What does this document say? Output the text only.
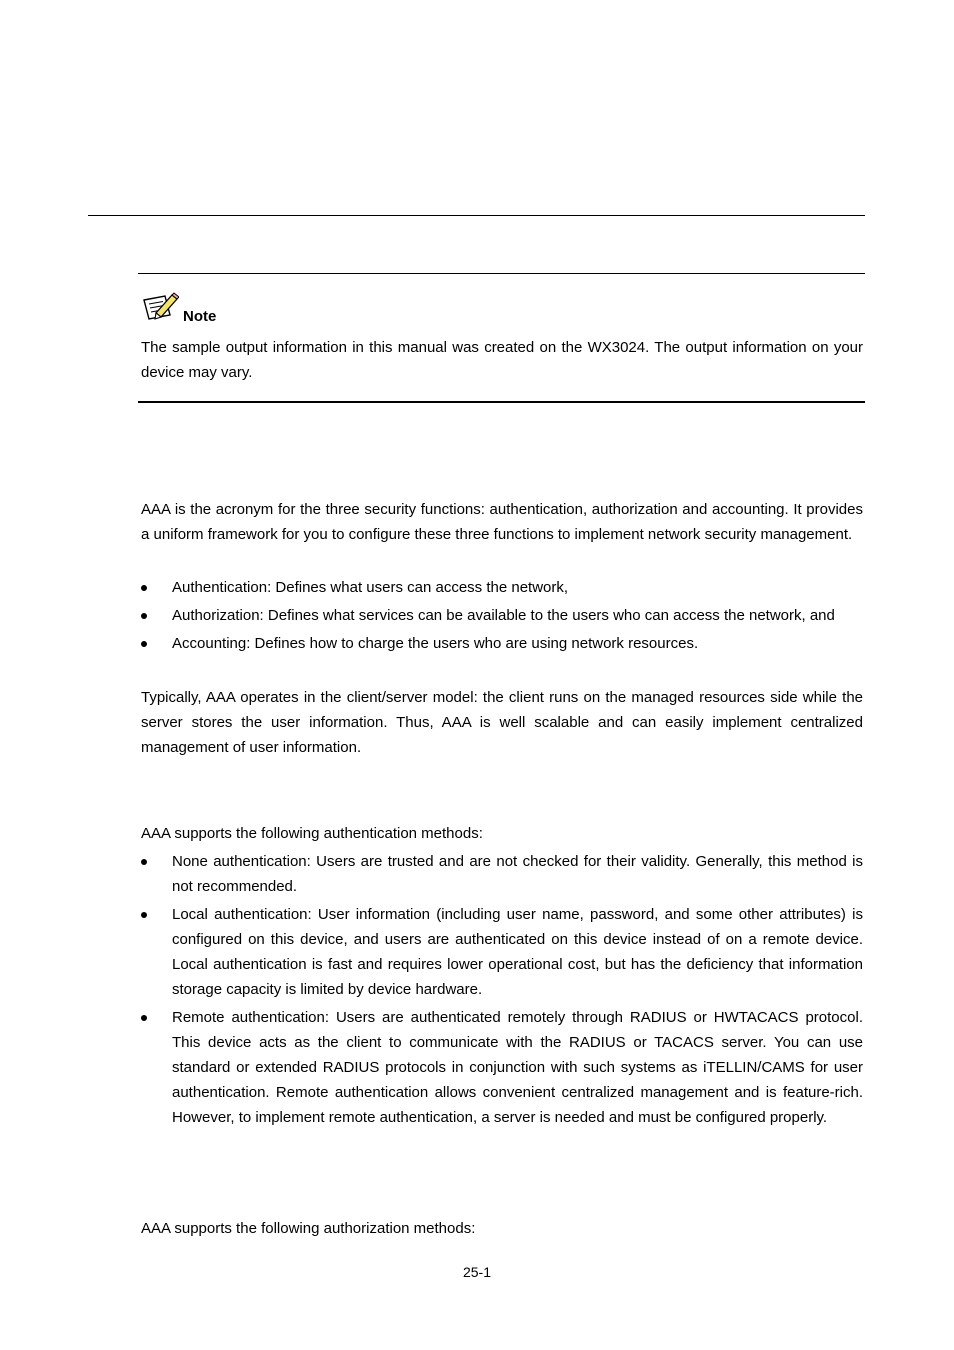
Note

The sample output information in this manual was created on the WX3024. The output information on your device may vary.

AAA is the acronym for the three security functions: authentication, authorization and accounting. It provides a uniform framework for you to configure these three functions to implement network security management.

Authentication: Defines what users can access the network,
Authorization: Defines what services can be available to the users who can access the network, and
Accounting: Defines how to charge the users who are using network resources.

Typically, AAA operates in the client/server model: the client runs on the managed resources side while the server stores the user information. Thus, AAA is well scalable and can easily implement centralized management of user information.

AAA supports the following authentication methods:

None authentication: Users are trusted and are not checked for their validity. Generally, this method is not recommended.
Local authentication: User information (including user name, password, and some other attributes) is configured on this device, and users are authenticated on this device instead of on a remote device. Local authentication is fast and requires lower operational cost, but has the deficiency that information storage capacity is limited by device hardware.
Remote authentication: Users are authenticated remotely through RADIUS or HWTACACS protocol. This device acts as the client to communicate with the RADIUS or TACACS server. You can use standard or extended RADIUS protocols in conjunction with such systems as iTELLIN/CAMS for user authentication. Remote authentication allows convenient centralized management and is feature-rich. However, to implement remote authentication, a server is needed and must be configured properly.

AAA supports the following authorization methods:

25-1
